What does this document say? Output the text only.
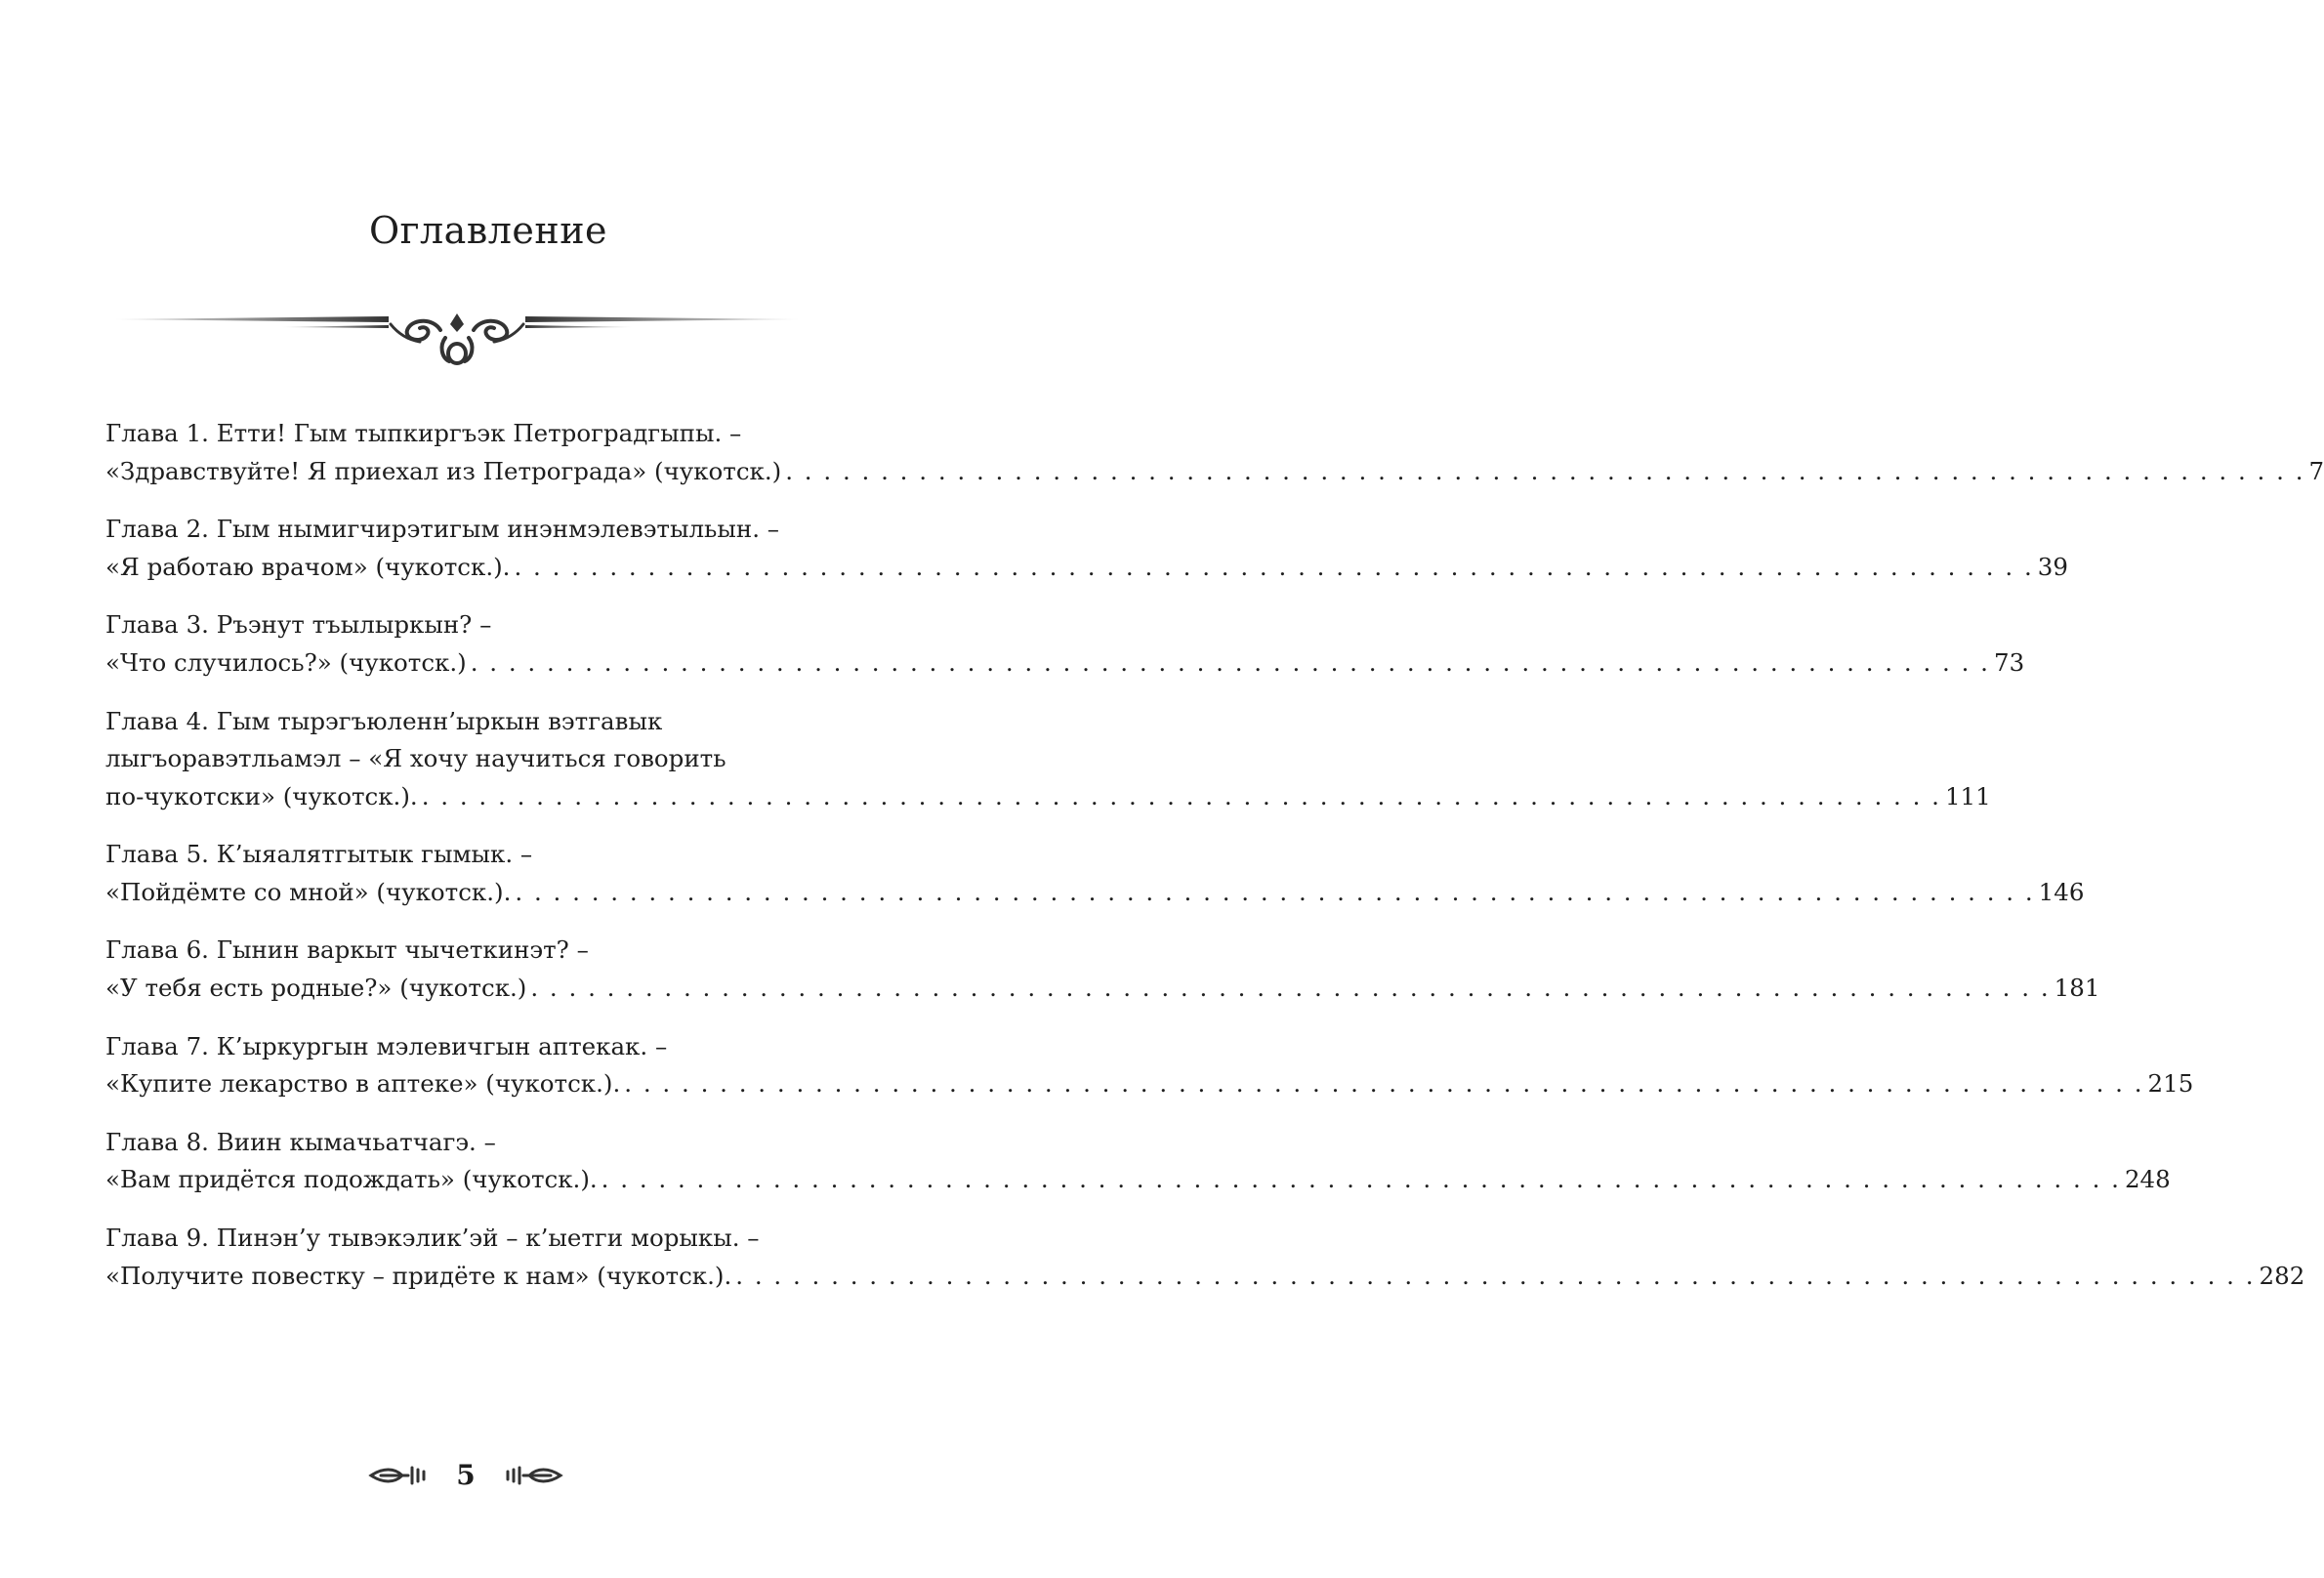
Оглавление
Глава 1. Етти! Гым тыпкиргъэк Петроградгыпы. –
«Здравствуйте! Я приехал из Петрограда» (чукотск.) . . . . . . . . . . . . . . . . . . . . . . . . . . . . . . . . . . . . . . . . . . . . . . . . . . . . . . . . . . . . . . . . . . . . . . . . . . . . . . . . 7
Глава 2. Гым нымигчирэтигым инэнмэлевэтыльын. –
«Я работаю врачом» (чукотск.). . . . . . . . . . . . . . . . . . . . . . . . . . . . . . . . . . . . . . . . . . . . . . . . . . . . . . . . . . . . . . . . . . . . . . . . . . . . . . . . . 39
Глава 3. Ръэнут тъылыркын? –
«Что случилось?» (чукотск.) . . . . . . . . . . . . . . . . . . . . . . . . . . . . . . . . . . . . . . . . . . . . . . . . . . . . . . . . . . . . . . . . . . . . . . . . . . . . . . . . 73
Глава 4. Гым тырэгъюленн’ыркын вэтгавык
лыгъоравэтльамэл – «Я хочу научиться говорить
по-чукотски» (чукотск.). . . . . . . . . . . . . . . . . . . . . . . . . . . . . . . . . . . . . . . . . . . . . . . . . . . . . . . . . . . . . . . . . . . . . . . . . . . . . . . . . 111
Глава 5. К’ыяалятгытык гымык. –
«Пойдёмте со мной» (чукотск.). . . . . . . . . . . . . . . . . . . . . . . . . . . . . . . . . . . . . . . . . . . . . . . . . . . . . . . . . . . . . . . . . . . . . . . . . . . . . . . . . 146
Глава 6. Гынин варкыт чычеткинэт? –
«У тебя есть родные?» (чукотск.) . . . . . . . . . . . . . . . . . . . . . . . . . . . . . . . . . . . . . . . . . . . . . . . . . . . . . . . . . . . . . . . . . . . . . . . . . . . . . . . . 181
Глава 7. К’ыркургын мэлевичгын аптекак. –
«Купите лекарство в аптеке» (чукотск.). . . . . . . . . . . . . . . . . . . . . . . . . . . . . . . . . . . . . . . . . . . . . . . . . . . . . . . . . . . . . . . . . . . . . . . . . . . . . . . . . 215
Глава 8. Виин кымачьатчагэ. –
«Вам придётся подождать» (чукотск.). . . . . . . . . . . . . . . . . . . . . . . . . . . . . . . . . . . . . . . . . . . . . . . . . . . . . . . . . . . . . . . . . . . . . . . . . . . . . . . . . 248
Глава 9. Пинэн’у тывэкэлик’эй – к’ыетги морыкы. –
«Получите повестку – придёте к нам» (чукотск.). . . . . . . . . . . . . . . . . . . . . . . . . . . . . . . . . . . . . . . . . . . . . . . . . . . . . . . . . . . . . . . . . . . . . . . . . . . . . . . . . 282
5
